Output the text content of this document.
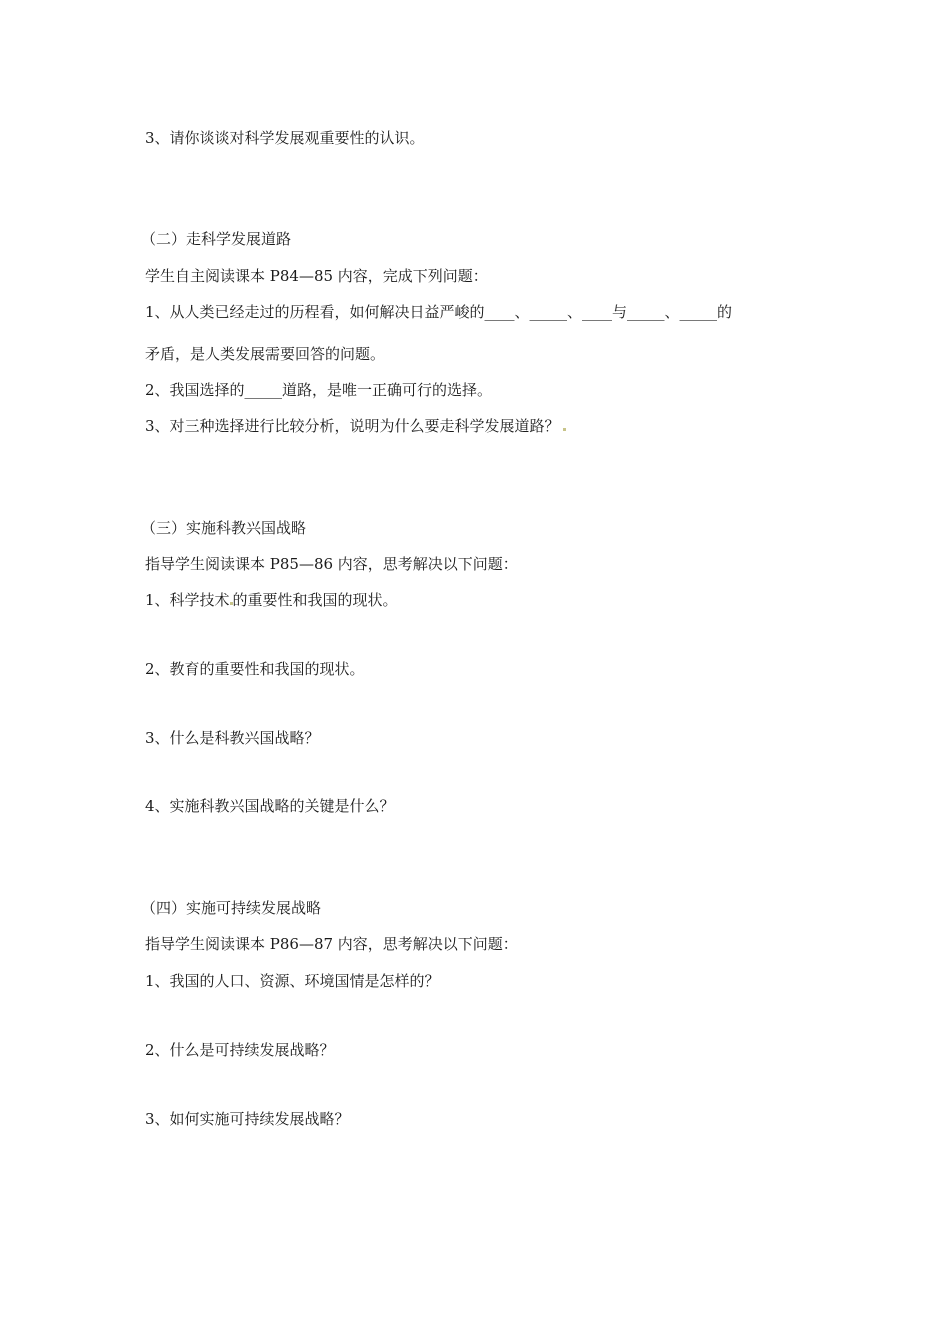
3、请你谈谈对科学发展观重要性的认识。
（二）走科学发展道路
学生自主阅读课本 P84—85 内容，完成下列问题：
1、从人类已经走过的历程看，如何解决日益严峻的____、_____、____与_____、_____的
矛盾，是人类发展需要回答的问题。
2、我国选择的_____道路，是唯一正确可行的选择。
3、对三种选择进行比较分析，说明为什么要走科学发展道路？
（三）实施科教兴国战略
指导学生阅读课本 P85—86 内容，思考解决以下问题：
1、科学技术 的重要性和我国的现状。
2、教育的重要性和我国的现状。
3、什么是科教兴国战略？
4、实施科教兴国战略的关键是什么？
（四）实施可持续发展战略
指导学生阅读课本 P86—87 内容，思考解决以下问题：
1、我国的人口、资源、环境国情是怎样的？
2、什么是可持续发展战略？
3、如何实施可持续发展战略？
